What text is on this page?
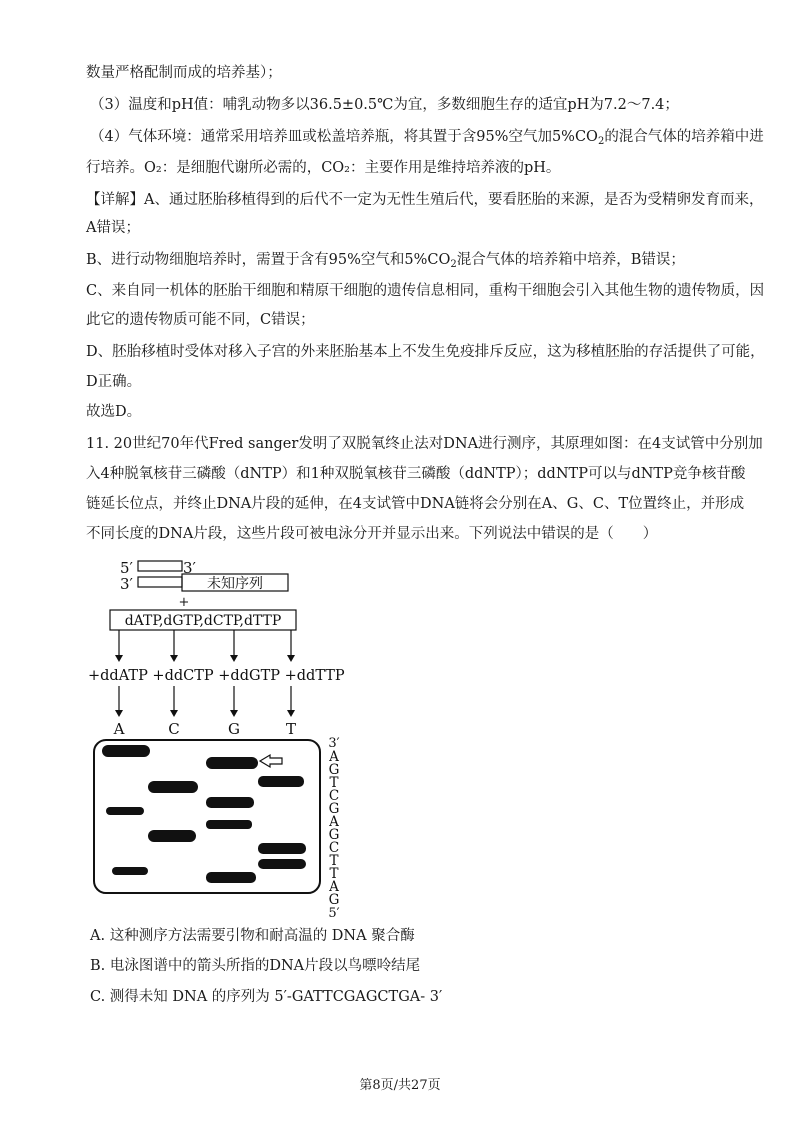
数量严格配制而成的培养基）；
（3）温度和pH值：哺乳动物多以36.5±0.5℃为宜，多数细胞生存的适宜pH为7.2～7.4；
（4）气体环境：通常采用培养皿或松盖培养瓶，将其置于含95%空气加$5\%CO_2$的混合气体的培养箱中进
行培养。O₂：是细胞代谢所必需的，CO₂：主要作用是维持培养液的pH。
【详解】A、通过胚胎移植得到的后代不一定为无性生殖后代，要看胚胎的来源，是否为受精卵发育而来，
A错误；
B、进行动物细胞培养时，需置于含有95%空气和$5\%CO_2$混合气体的培养箱中培养，B错误；
C、来自同一机体的胚胎干细胞和精原干细胞的遗传信息相同，重构干细胞会引入其他生物的遗传物质，因
此它的遗传物质可能不同，C错误；
D、胚胎移植时受体对移入子宫的外来胚胎基本上不发生免疫排斥反应，这为移植胚胎的存活提供了可能，
D正确。
故选D。
11. 20世纪70年代Fred sanger发明了双脱氧终止法对DNA进行测序，其原理如图：在4支试管中分别加
入4种脱氧核苷三磷酸（dNTP）和1种双脱氧核苷三磷酸（ddNTP）；ddNTP可以与dNTP竞争核苷酸
链延长位点，并终止DNA片段的延伸，在4支试管中DNA链将会分别在A、G、C、T位置终止，并形成
不同长度的DNA片段，这些片段可被电泳分开并显示出来。下列说法中错误的是（　　）
5′	3′
3′	未知序列
+
dATP,dGTP,dCTP,dTTP
+ddATP +ddCTP +ddGTP +ddTTP
A	C	G	T
3′
A
G
T
C
G
A
G
C
T
T
A
G
5′
A. 这种测序方法需要引物和耐高温的 DNA 聚合酶
B. 电泳图谱中的箭头所指的DNA片段以鸟嘌呤结尾
C. 测得未知 DNA 的序列为 5′-GATTCGAGCTGA- 3′
第8页/共27页
